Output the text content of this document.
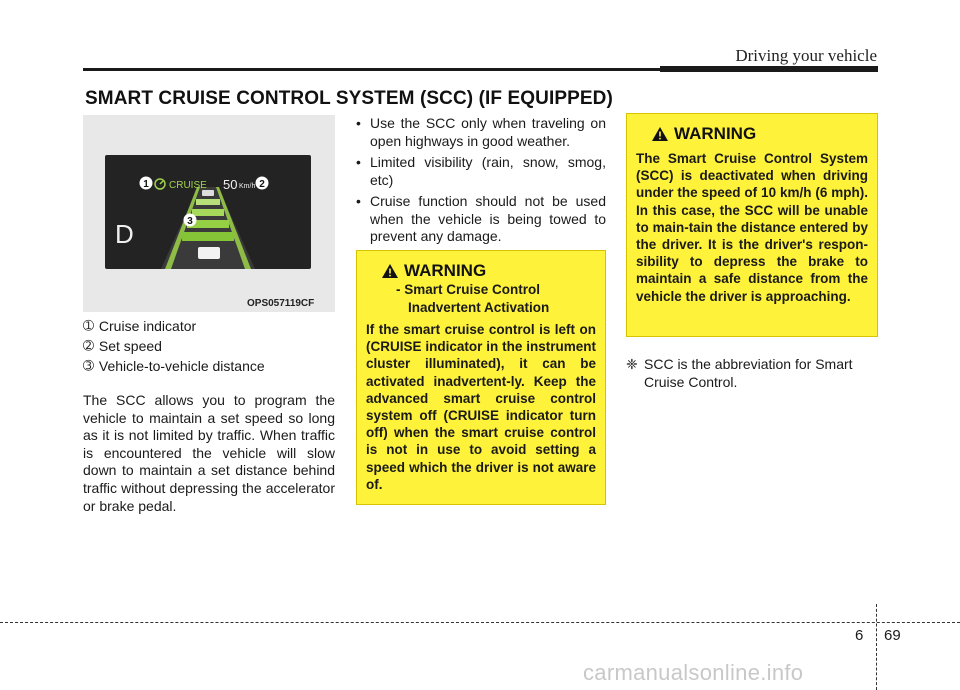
Driving your vehicle
SMART CRUISE CONTROL SYSTEM (SCC) (IF EQUIPPED)
D
CRUISE 50 Km/h
1	2
3
OPS057119CF
➀ Cruise indicator
➁ Set speed
➂ Vehicle-to-vehicle distance
The SCC allows you to program the vehicle to maintain a set speed so long as it is not limited by traffic. When traffic is encountered the vehicle will slow down to maintain a set distance behind traffic without depressing the accelerator or brake pedal.
• Use the SCC only when traveling on open highways in good weather.
• Limited visibility (rain, snow, smog, etc)
• Cruise function should not be used when the vehicle is being towed to prevent any damage.
WARNING
- Smart Cruise Control
Inadvertent Activation
If the smart cruise control is left on (CRUISE indicator in the instrument cluster illuminated), it can be activated inadvertent-ly. Keep the advanced smart cruise control system off (CRUISE indicator turn off) when the smart cruise control is not in use to avoid setting a speed which the driver is not aware of.
WARNING
The Smart Cruise Control System (SCC) is deactivated when driving under the speed of 10 km/h (6 mph). In this case, the SCC will be unable to main-tain the distance entered by the driver. It is the driver's respon-sibility to depress the brake to maintain a safe distance from the vehicle the driver is approaching.
❈ SCC is the abbreviation for Smart Cruise Control.
6 69
carmanualsonline.info
